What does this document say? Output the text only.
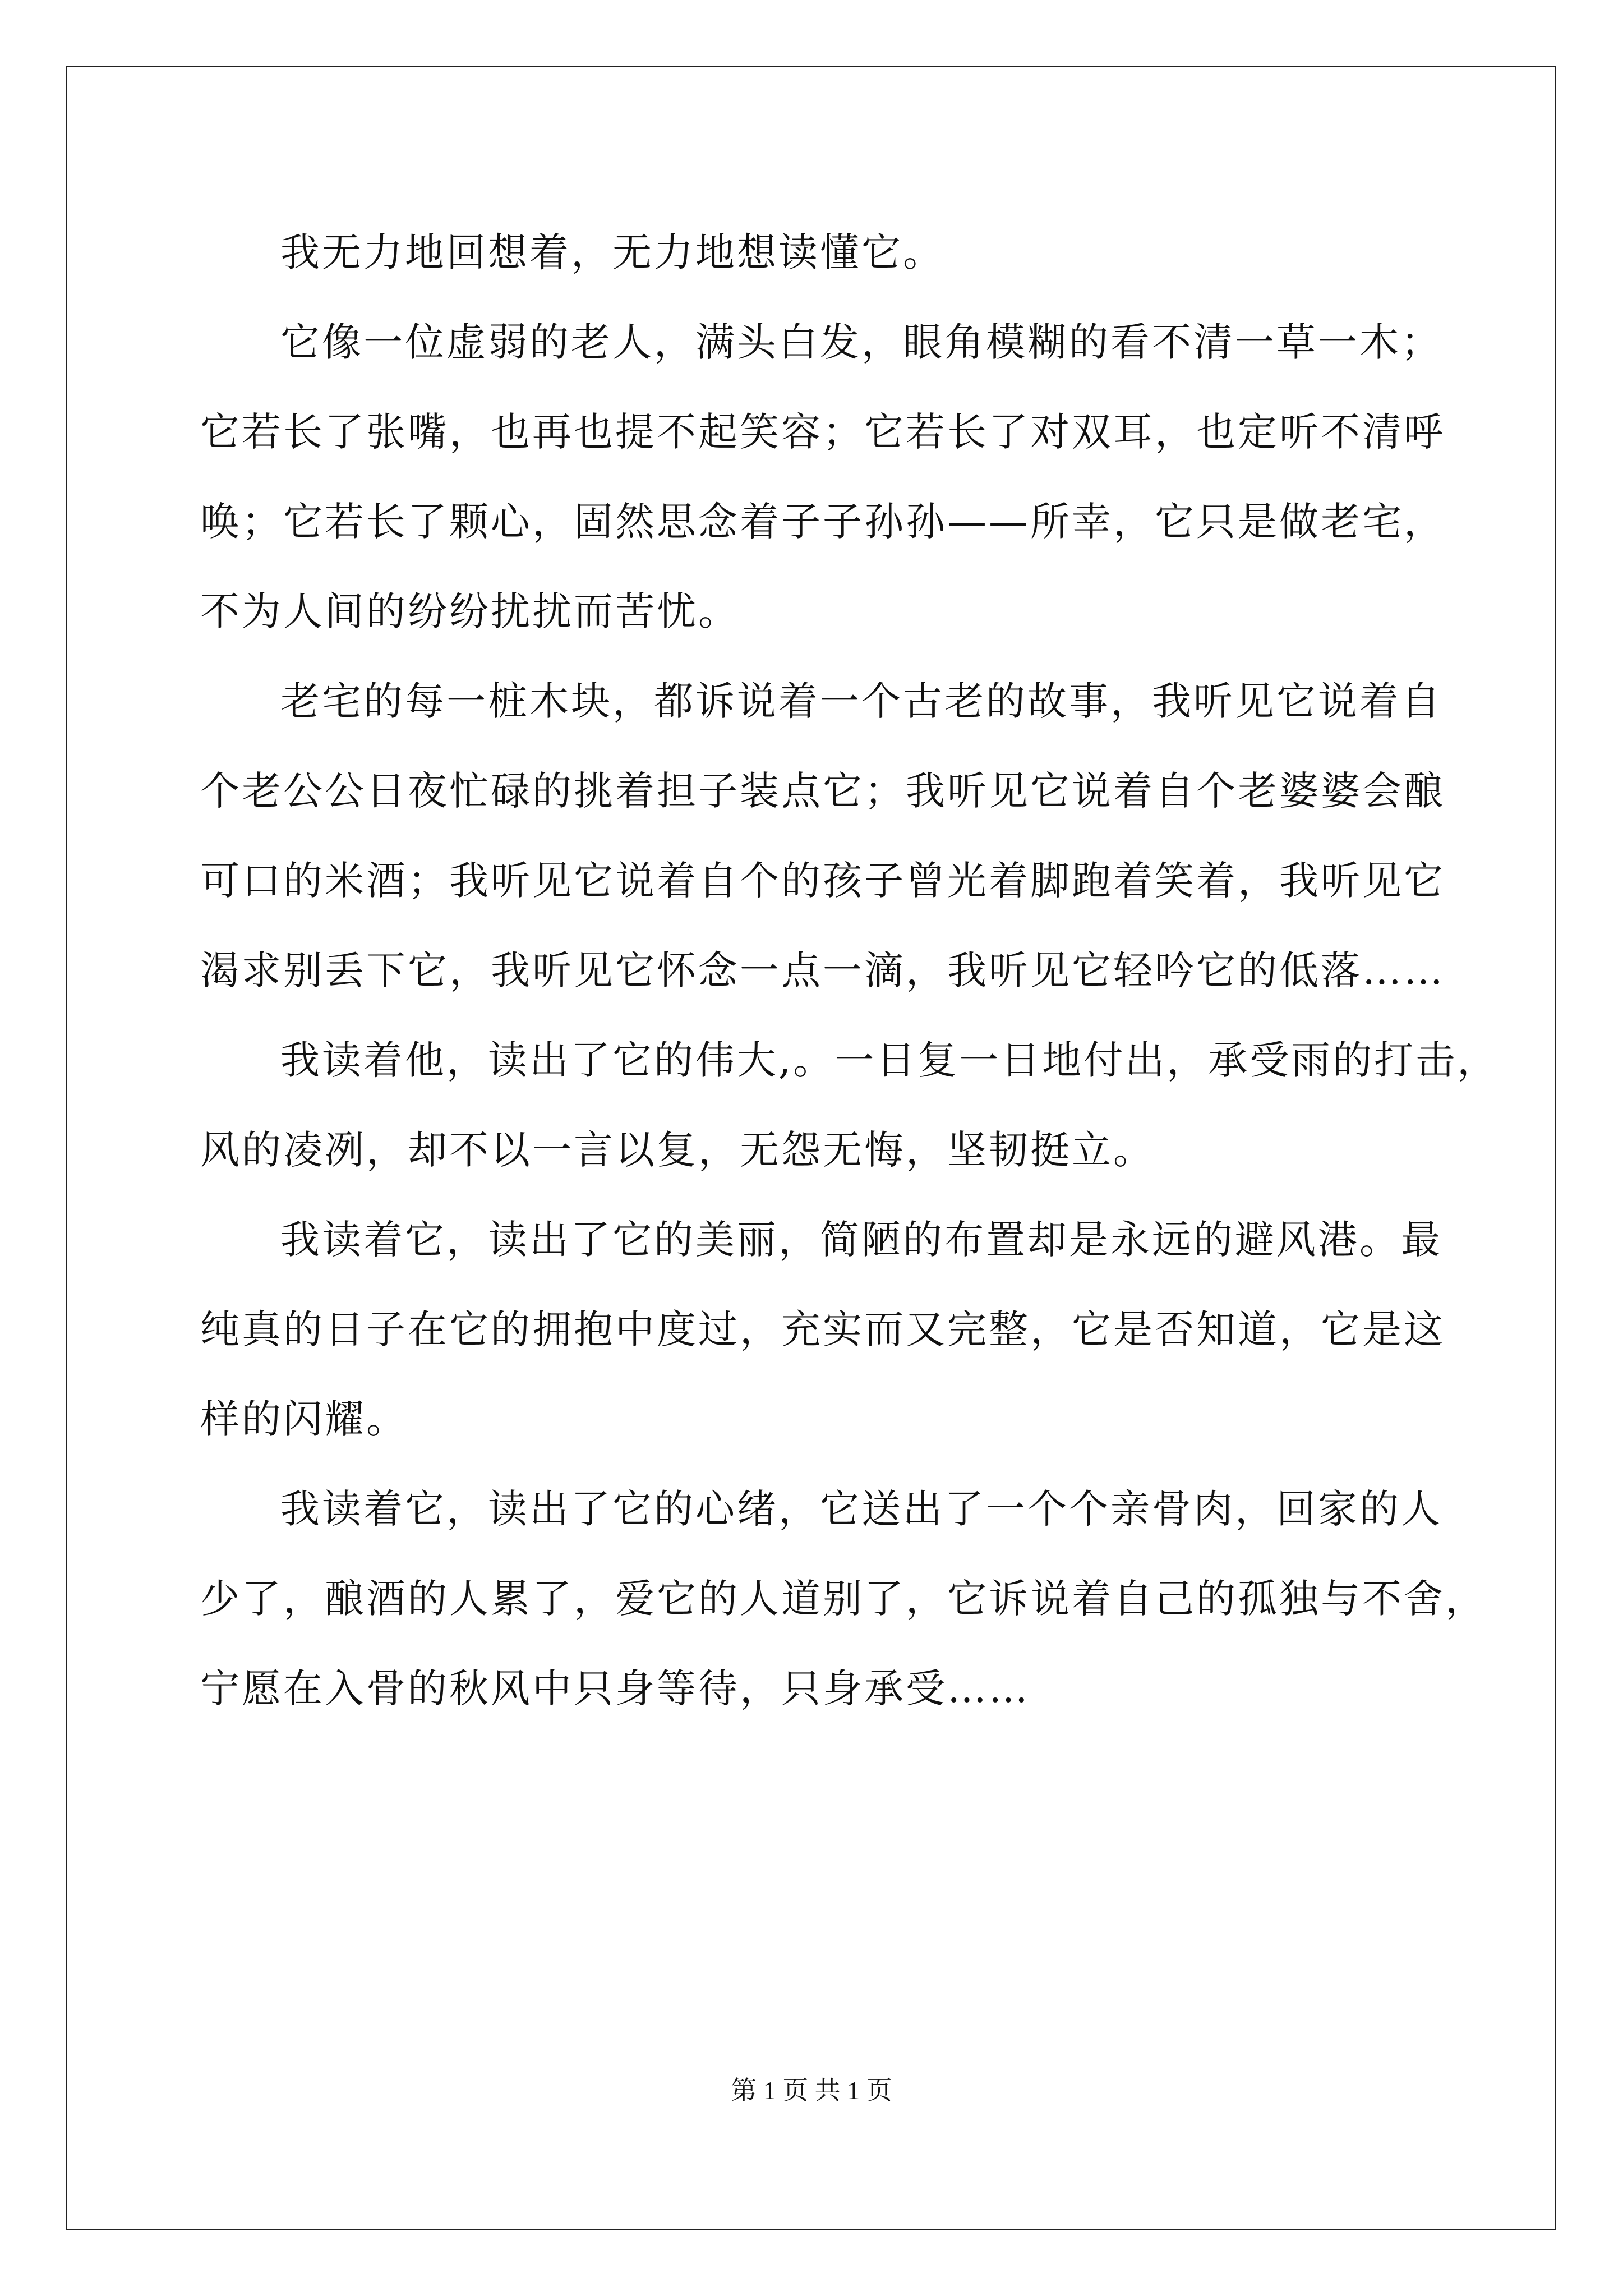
我无力地回想着，无力地想读懂它。
它像一位虚弱的老人，满头白发，眼角模糊的看不清一草一木；
它若长了张嘴，也再也提不起笑容；它若长了对双耳，也定听不清呼
唤；它若长了颗心，固然思念着子子孙孙——所幸，它只是做老宅，
不为人间的纷纷扰扰而苦忧。
老宅的每一桩木块，都诉说着一个古老的故事，我听见它说着自
个老公公日夜忙碌的挑着担子装点它；我听见它说着自个老婆婆会酿
可口的米酒；我听见它说着自个的孩子曾光着脚跑着笑着，我听见它
渴求别丢下它，我听见它怀念一点一滴，我听见它轻吟它的低落……
我读着他，读出了它的伟大,。一日复一日地付出，承受雨的打击，
风的凌冽，却不以一言以复，无怨无悔，坚韧挺立。
我读着它，读出了它的美丽，简陋的布置却是永远的避风港。最
纯真的日子在它的拥抱中度过，充实而又完整，它是否知道，它是这
样的闪耀。
我读着它，读出了它的心绪，它送出了一个个亲骨肉，回家的人
少了，酿酒的人累了，爱它的人道别了，它诉说着自己的孤独与不舍，
宁愿在入骨的秋风中只身等待，只身承受……
第 1 页 共 1 页
